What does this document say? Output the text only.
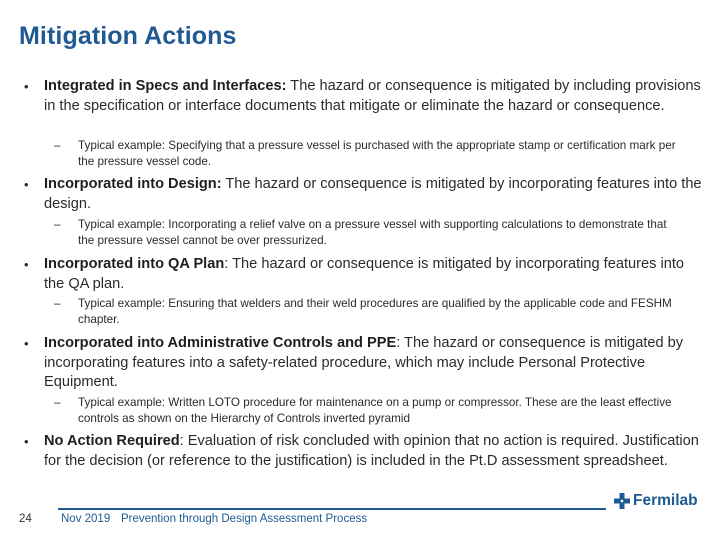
Mitigation Actions
•	Integrated in Specs and Interfaces: The hazard or consequence is mitigated by including provisions in the specification or interface documents that mitigate or eliminate the hazard or consequence.
– Typical example: Specifying that a pressure vessel is purchased with the appropriate stamp or certification mark per the pressure vessel code.
•	Incorporated into Design: The hazard or consequence is mitigated by incorporating features into the design.
– Typical example: Incorporating a relief valve on a pressure vessel with supporting calculations to demonstrate that the pressure vessel cannot be over pressurized.
•	Incorporated into QA Plan: The hazard or consequence is mitigated by incorporating features into the QA plan.
– Typical example: Ensuring that welders and their weld procedures are qualified by the applicable code and FESHM chapter.
•	Incorporated into Administrative Controls and PPE: The hazard or consequence is mitigated by incorporating features into a safety-related procedure, which may include Personal Protective Equipment.
– Typical example: Written LOTO procedure for maintenance on a pump or compressor. These are the least effective controls as shown on the Hierarchy of Controls inverted pyramid
•	No Action Required: Evaluation of risk concluded with opinion that no action is required. Justification for the decision (or reference to the justification) is included in the Pt.D assessment spreadsheet.
Fermilab
24	Nov 2019 Prevention through Design Assessment Process
